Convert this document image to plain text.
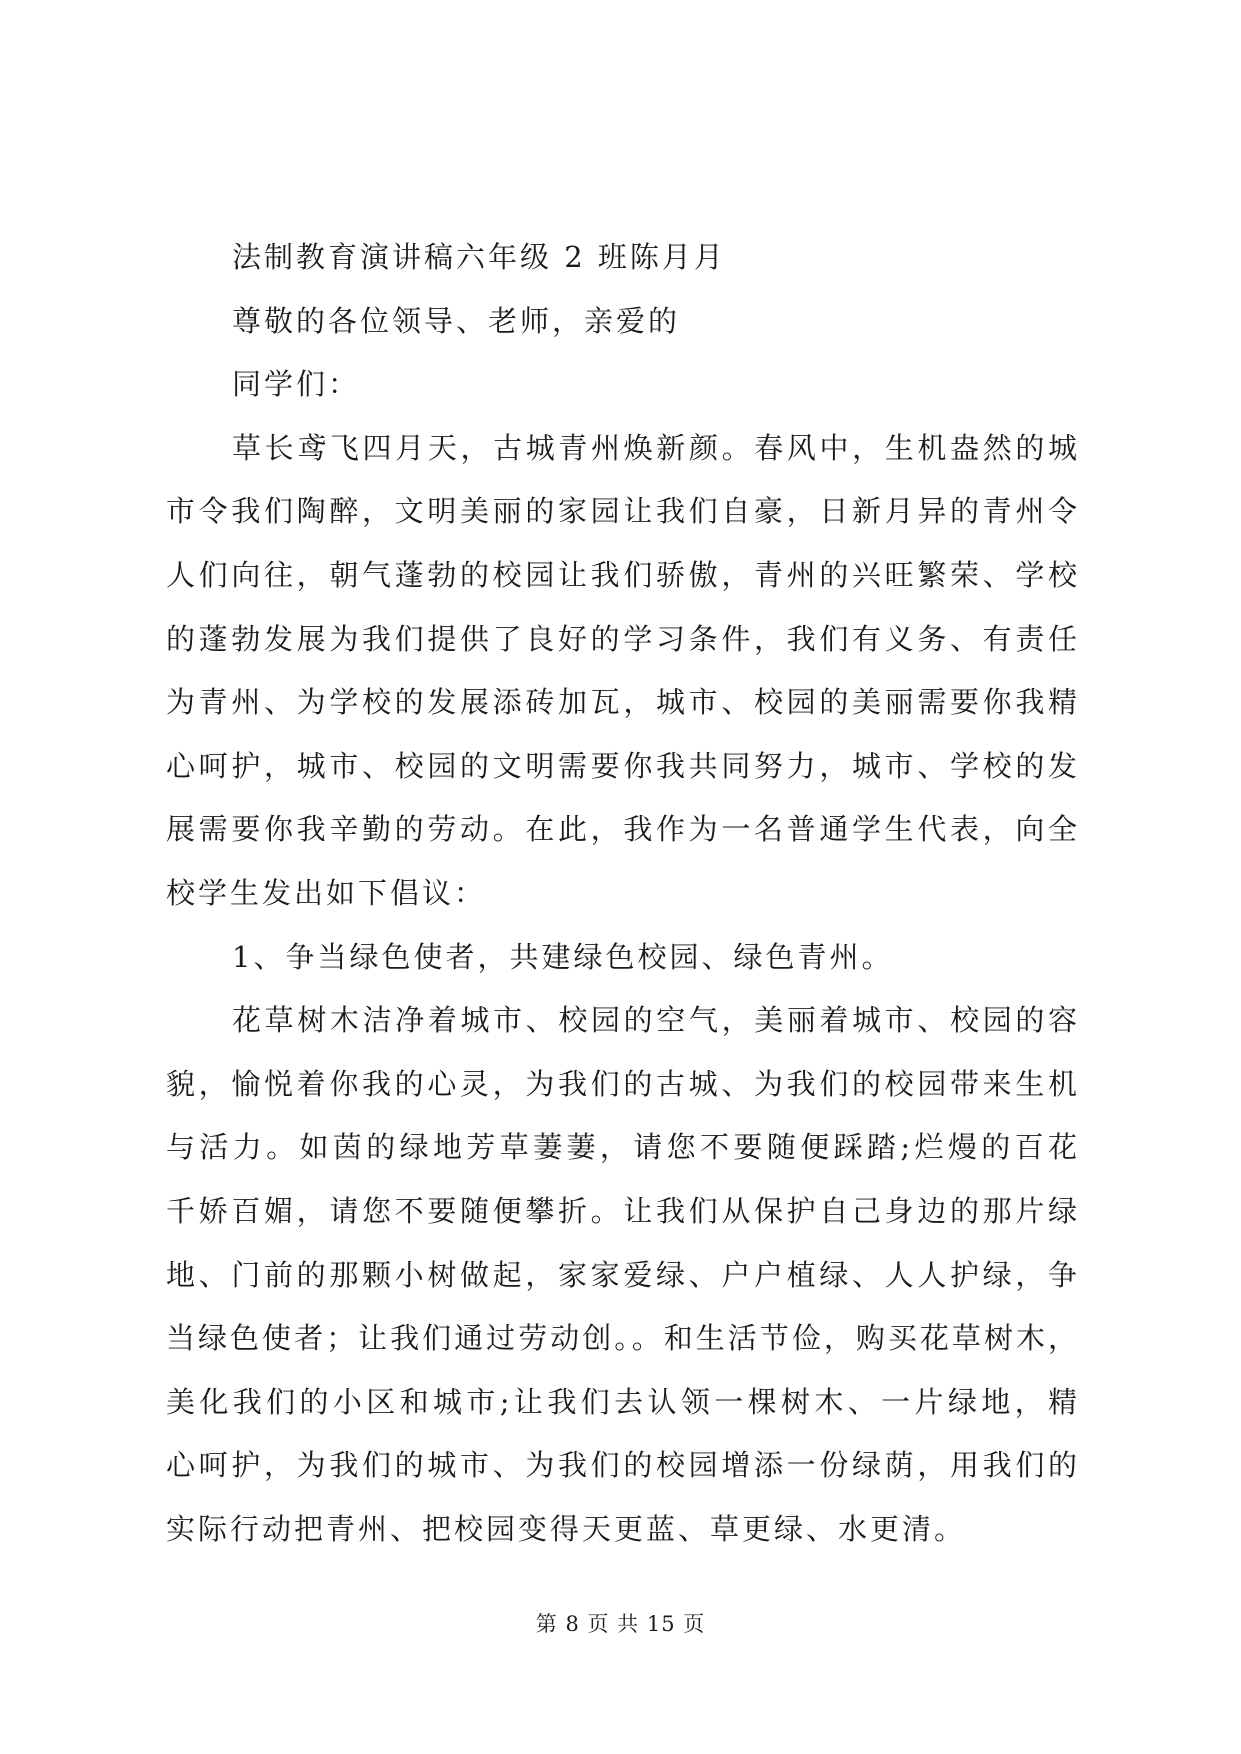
法制教育演讲稿六年级 2 班陈月月
尊敬的各位领导、老师，亲爱的
同学们：
草长鸢飞四月天，古城青州焕新颜。春风中，生机盎然的城
市令我们陶醉，文明美丽的家园让我们自豪，日新月异的青州令
人们向往，朝气蓬勃的校园让我们骄傲，青州的兴旺繁荣、学校
的蓬勃发展为我们提供了良好的学习条件，我们有义务、有责任
为青州、为学校的发展添砖加瓦，城市、校园的美丽需要你我精
心呵护，城市、校园的文明需要你我共同努力，城市、学校的发
展需要你我辛勤的劳动。在此，我作为一名普通学生代表，向全
校学生发出如下倡议：
1、争当绿色使者，共建绿色校园、绿色青州。
花草树木洁净着城市、校园的空气，美丽着城市、校园的容
貌，愉悦着你我的心灵，为我们的古城、为我们的校园带来生机
与活力。如茵的绿地芳草萋萋，请您不要随便踩踏;烂熳的百花
千娇百媚，请您不要随便攀折。让我们从保护自己身边的那片绿
地、门前的那颗小树做起，家家爱绿、户户植绿、人人护绿，争
当绿色使者；让我们通过劳动创。。和生活节俭，购买花草树木，
美化我们的小区和城市;让我们去认领一棵树木、一片绿地，精
心呵护，为我们的城市、为我们的校园增添一份绿荫，用我们的
实际行动把青州、把校园变得天更蓝、草更绿、水更清。
第 8 页 共 15 页
